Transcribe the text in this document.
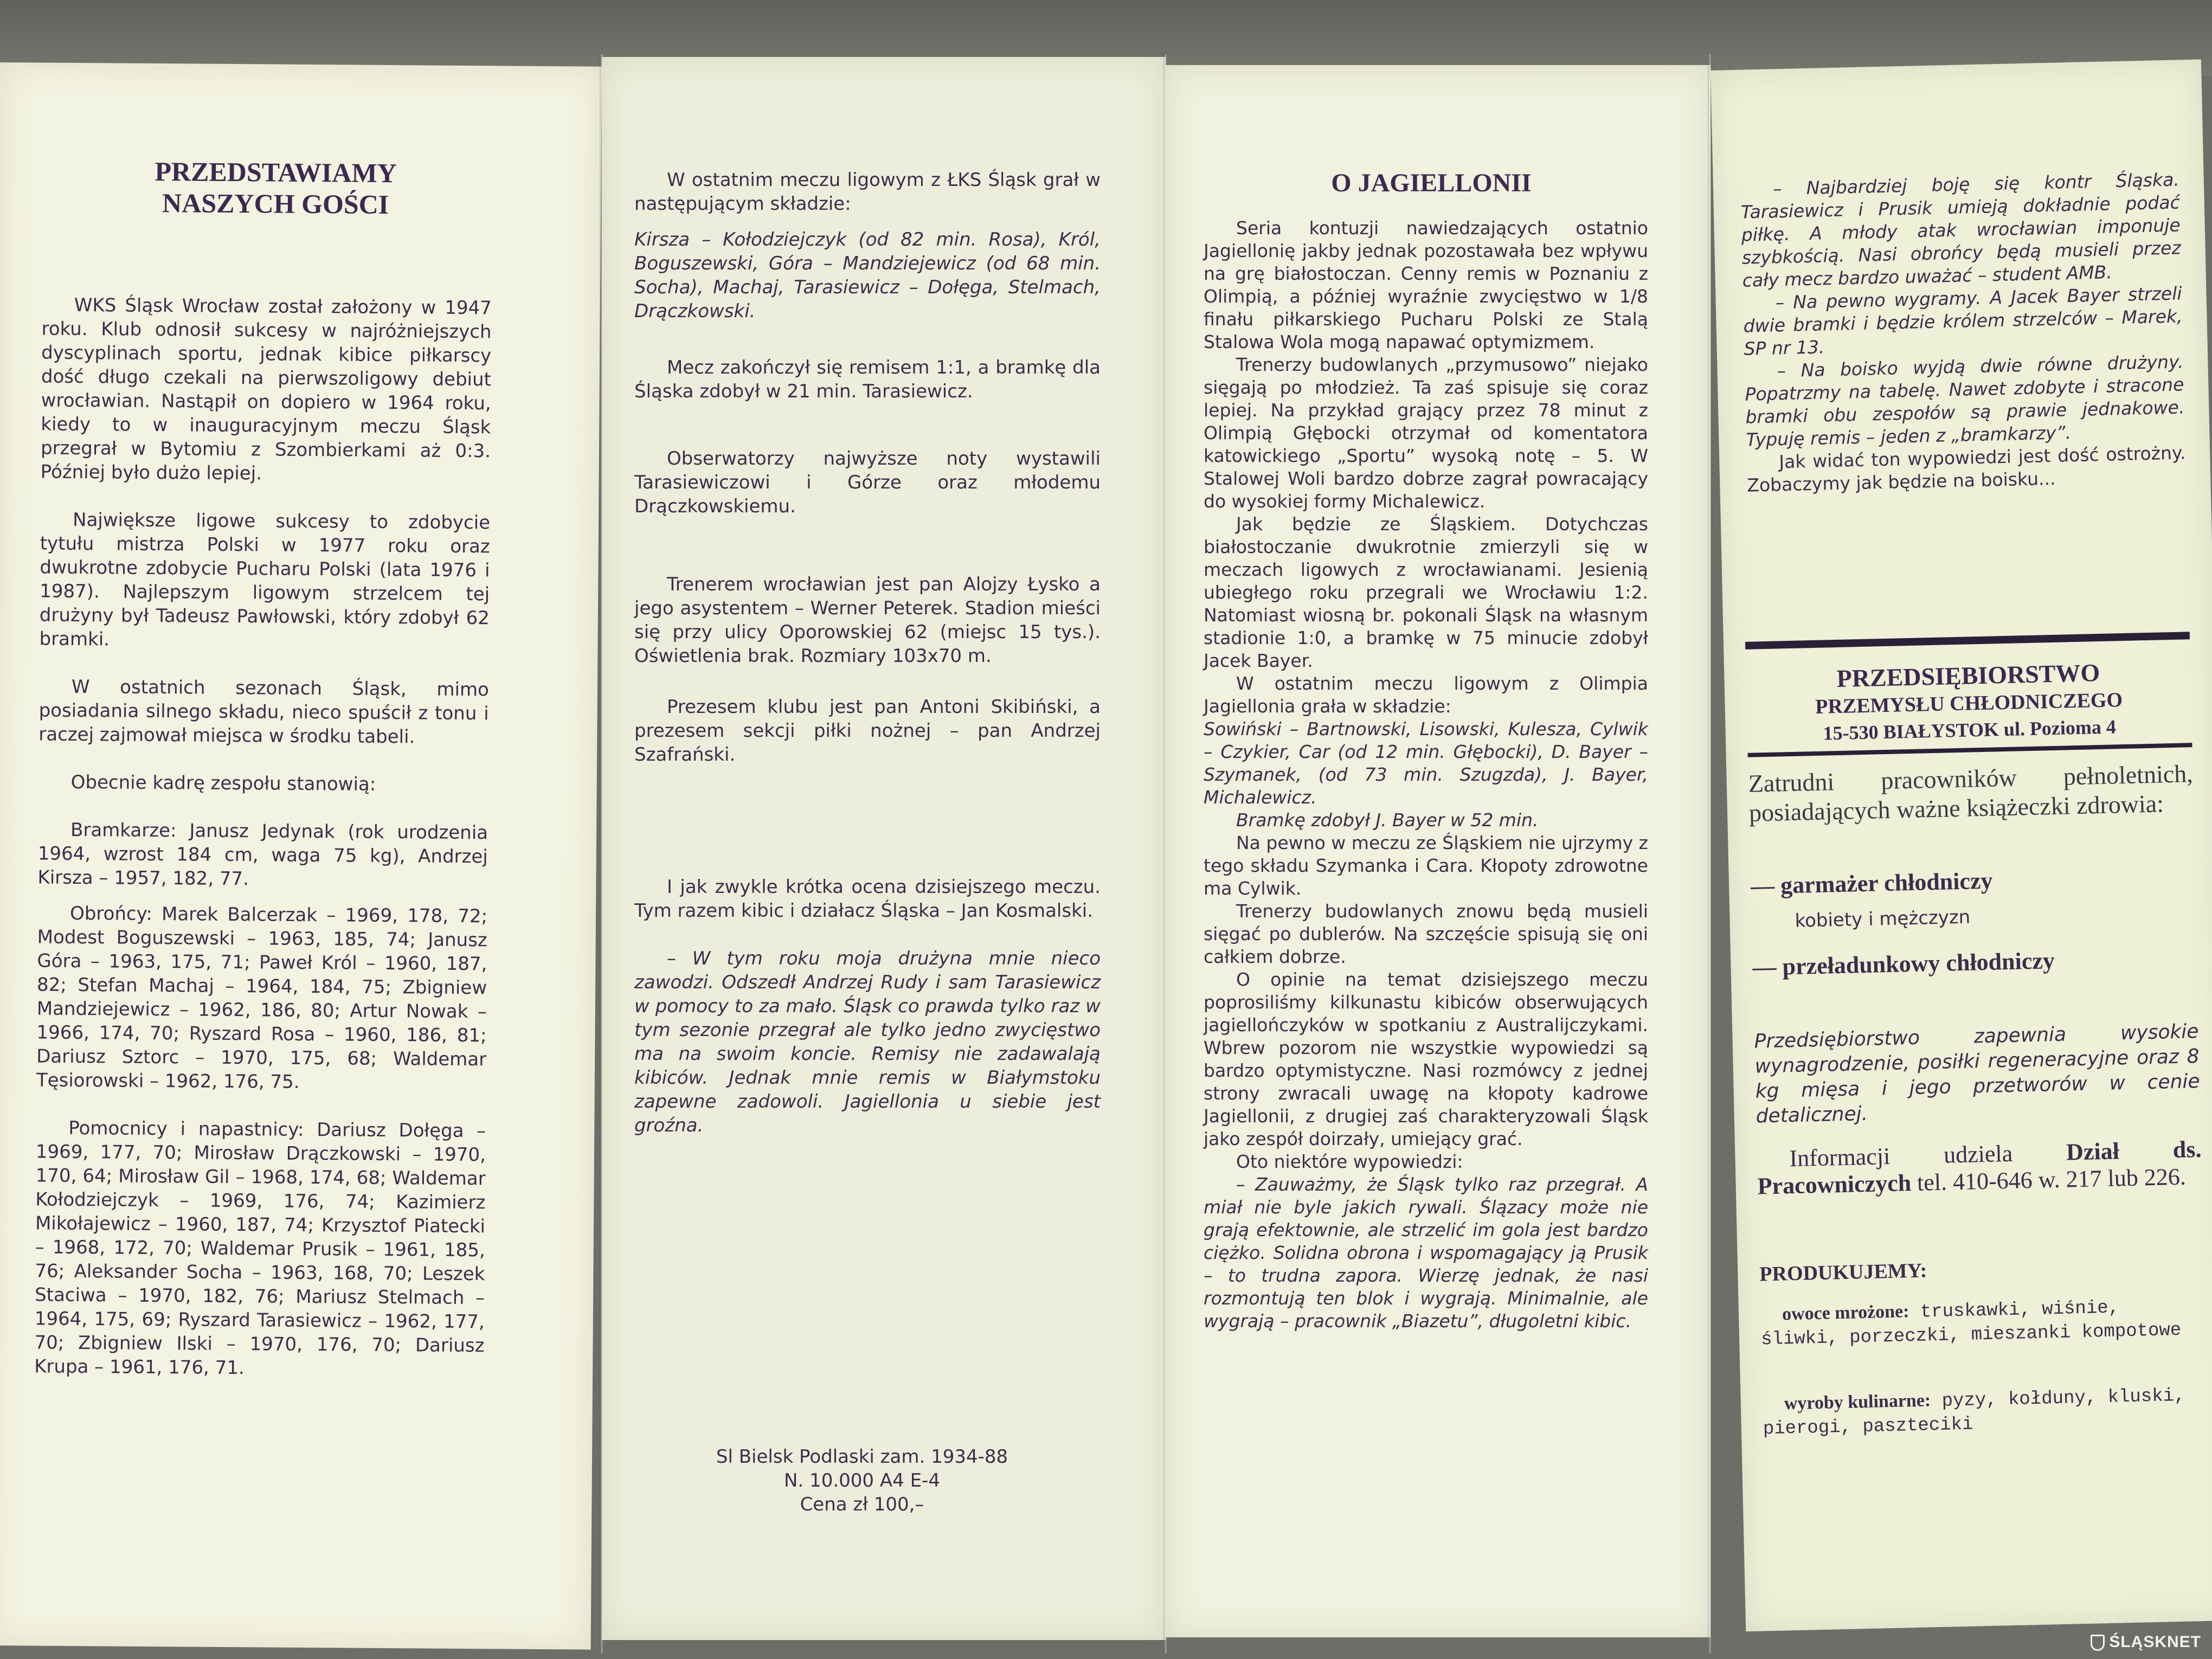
PRZEDSTAWIAMY
NASZYCH GOŚCI

WKS Śląsk Wrocław został założony w 1947 roku. Klub odnosił sukcesy w najróżniejszych dyscyplinach sportu, jednak kibice piłkarscy dość długo czekali na pierwszoligowy debiut wrocławian. Nastąpił on dopiero w 1964 roku, kiedy to w inauguracyjnym meczu Śląsk przegrał w Bytomiu z Szombierkami aż 0:3. Później było dużo lepiej.

Największe ligowe sukcesy to zdobycie tytułu mistrza Polski w 1977 roku oraz dwukrotne zdobycie Pucharu Polski (lata 1976 i 1987). Najlepszym ligowym strzelcem tej drużyny był Tadeusz Pawłowski, który zdobył 62 bramki.

W ostatnich sezonach Śląsk, mimo posiadania silnego składu, nieco spuścił z tonu i raczej zajmował miejsca w środku tabeli.

Obecnie kadrę zespołu stanowią:

Bramkarze: Janusz Jedynak (rok urodzenia 1964, wzrost 184 cm, waga 75 kg), Andrzej Kirsza – 1957, 182, 77.

Obrońcy: Marek Balcerzak – 1969, 178, 72; Modest Boguszewski – 1963, 185, 74; Janusz Góra – 1963, 175, 71; Paweł Król – 1960, 187, 82; Stefan Machaj – 1964, 184, 75; Zbigniew Mandziejewicz – 1962, 186, 80; Artur Nowak – 1966, 174, 70; Ryszard Rosa – 1960, 186, 81; Dariusz Sztorc – 1970, 175, 68; Waldemar Tęsiorowski – 1962, 176, 75.

Pomocnicy i napastnicy: Dariusz Dołęga – 1969, 177, 70; Mirosław Drączkowski – 1970, 170, 64; Mirosław Gil – 1968, 174, 68; Waldemar Kołodziejczyk – 1969, 176, 74; Kazimierz Mikołajewicz – 1960, 187, 74; Krzysztof Piatecki – 1968, 172, 70; Waldemar Prusik – 1961, 185, 76; Aleksander Socha – 1963, 168, 70; Leszek Staciwa – 1970, 182, 76; Mariusz Stelmach – 1964, 175, 69; Ryszard Tarasiewicz – 1962, 177, 70; Zbigniew Ilski – 1970, 176, 70; Dariusz Krupa – 1961, 176, 71.

W ostatnim meczu ligowym z ŁKS Śląsk grał w następującym składzie:

Kirsza – Kołodziejczyk (od 82 min. Rosa), Król, Boguszewski, Góra – Mandziejewicz (od 68 min. Socha), Machaj, Tarasiewicz – Dołęga, Stelmach, Drączkowski.

Mecz zakończył się remisem 1:1, a bramkę dla Śląska zdobył w 21 min. Tarasiewicz.

Obserwatorzy najwyższe noty wystawili Tarasiewiczowi i Górze oraz młodemu Drączkowskiemu.

Trenerem wrocławian jest pan Alojzy Łysko a jego asystentem – Werner Peterek. Stadion mieści się przy ulicy Oporowskiej 62 (miejsc 15 tys.). Oświetlenia brak. Rozmiary 103x70 m.

Prezesem klubu jest pan Antoni Skibiński, a prezesem sekcji piłki nożnej – pan Andrzej Szafrański.

I jak zwykle krótka ocena dzisiejszego meczu. Tym razem kibic i działacz Śląska – Jan Kosmalski.

– W tym roku moja drużyna mnie nieco zawodzi. Odszedł Andrzej Rudy i sam Tarasiewicz w pomocy to za mało. Śląsk co prawda tylko raz w tym sezonie przegrał ale tylko jedno zwycięstwo ma na swoim koncie. Remisy nie zadawalają kibiców. Jednak mnie remis w Białymstoku zapewne zadowoli. Jagiellonia u siebie jest groźna.

Sl Bielsk Podlaski zam. 1934-88
N. 10.000 A4 E-4
Cena zł 100,–
O JAGIELLONII

Seria kontuzji nawiedzających ostatnio Jagiellonię jakby jednak pozostawała bez wpływu na grę białostoczan. Cenny remis w Poznaniu z Olimpią, a później wyraźnie zwycięstwo w 1/8 finału piłkarskiego Pucharu Polski ze Stalą Stalowa Wola mogą napawać optymizmem.

Trenerzy budowlanych „przymusowo” niejako sięgają po młodzież. Ta zaś spisuje się coraz lepiej. Na przykład grający przez 78 minut z Olimpią Głębocki otrzymał od komentatora katowickiego „Sportu” wysoką notę – 5. W Stalowej Woli bardzo dobrze zagrał powracający do wysokiej formy Michalewicz.

Jak będzie ze Śląskiem. Dotychczas białostoczanie dwukrotnie zmierzyli się w meczach ligowych z wrocławianami. Jesienią ubiegłego roku przegrali we Wrocławiu 1:2. Natomiast wiosną br. pokonali Śląsk na własnym stadionie 1:0, a bramkę w 75 minucie zdobył Jacek Bayer.

W ostatnim meczu ligowym z Olimpia Jagiellonia grała w składzie:

Sowiński – Bartnowski, Lisowski, Kulesza, Cylwik – Czykier, Car (od 12 min. Głębocki), D. Bayer – Szymanek, (od 73 min. Szugzda), J. Bayer, Michalewicz.

Bramkę zdobył J. Bayer w 52 min.

Na pewno w meczu ze Śląskiem nie ujrzymy z tego składu Szymanka i Cara. Kłopoty zdrowotne ma Cylwik.

Trenerzy budowlanych znowu będą musieli sięgać po dublerów. Na szczęście spisują się oni całkiem dobrze.

O opinie na temat dzisiejszego meczu poprosiliśmy kilkunastu kibiców obserwujących jagiellończyków w spotkaniu z Australijczykami. Wbrew pozorom nie wszystkie wypowiedzi są bardzo optymistyczne. Nasi rozmówcy z jednej strony zwracali uwagę na kłopoty kadrowe Jagiellonii, z drugiej zaś charakteryzowali Śląsk jako zespół doirzały, umiejący grać.

Oto niektóre wypowiedzi:

– Zauważmy, że Śląsk tylko raz przegrał. A miał nie byle jakich rywali. Ślązacy może nie grają efektownie, ale strzelić im gola jest bardzo ciężko. Solidna obrona i wspomagający ją Prusik – to trudna zapora. Wierzę jednak, że nasi rozmontują ten blok i wygrają. Minimalnie, ale wygrają – pracownik „Biazetu”, długoletni kibic.

– Najbardziej boję się kontr Śląska. Tarasiewicz i Prusik umieją dokładnie podać piłkę. A młody atak wrocławian imponuje szybkością. Nasi obrońcy będą musieli przez cały mecz bardzo uważać – student AMB.

– Na pewno wygramy. A Jacek Bayer strzeli dwie bramki i będzie królem strzelców – Marek, SP nr 13.

– Na boisko wyjdą dwie równe drużyny. Popatrzmy na tabelę. Nawet zdobyte i stracone bramki obu zespołów są prawie jednakowe. Typuję remis – jeden z „bramkarzy”.

Jak widać ton wypowiedzi jest dość ostrożny. Zobaczymy jak będzie na boisku...

PRZEDSIĘBIORSTWO
PRZEMYSŁU CHŁODNICZEGO
15-530 BIAŁYSTOK ul. Pozioma 4
Zatrudni pracowników pełnoletnich, posiadających ważne książeczki zdrowia:
— garmażer chłodniczy
kobiety i mężczyzn
— przeładunkowy chłodniczy
Przedsiębiorstwo zapewnia wysokie wynagrodzenie, posiłki regeneracyjne oraz 8 kg mięsa i jego przetworów w cenie detalicznej.
Informacji udziela Dział ds. Pracowniczych tel. 410-646 w. 217 lub 226.
PRODUKUJEMY:
owoce mrożone: truskawki, wiśnie, śliwki, porzeczki, mieszanki kompotowe
wyroby kulinarne: pyzy, kołduny, kluski, pierogi, paszteciki
ŚLĄSKNET
